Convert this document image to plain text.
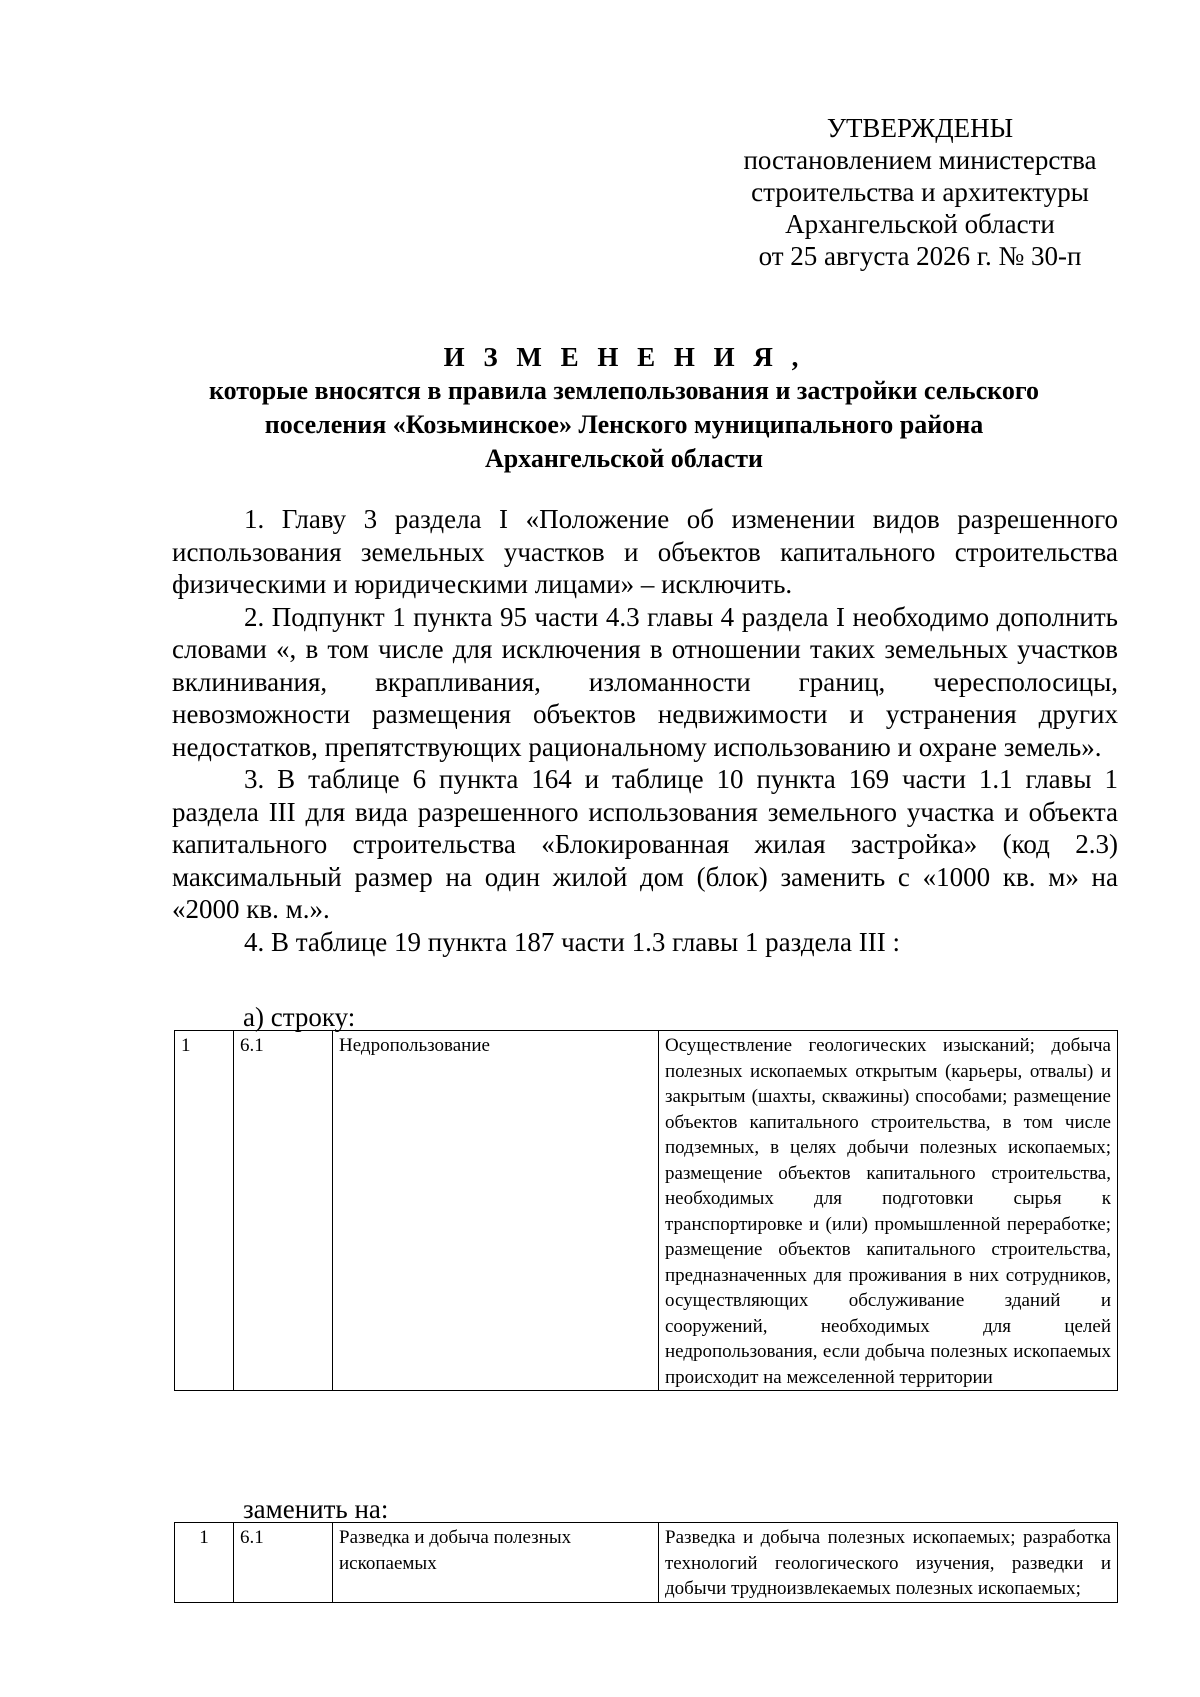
УТВЕРЖДЕНЫ
постановлением министерства
строительства и архитектуры
Архангельской области
от 25 августа 2026 г. № 30-п
И З М Е Н Е Н И Я ,
которые вносятся в правила землепользования и застройки сельского
поселения «Козьминское» Ленского муниципального района
Архангельской области

1. Главу 3 раздела I «Положение об изменении видов разрешенного использования земельных участков и объектов капитального строительства физическими и юридическими лицами» – исключить.

2. Подпункт 1 пункта 95 части 4.3 главы 4 раздела I необходимо дополнить словами «, в том числе для исключения в отношении таких земельных участков вклинивания, вкрапливания, изломанности границ, чересполосицы, невозможности размещения объектов недвижимости и устранения других недостатков, препятствующих рациональному использованию и охране земель».

3. В таблице 6 пункта 164 и таблице 10 пункта 169 части 1.1 главы 1 раздела III для вида разрешенного использования земельного участка и объекта капитального строительства «Блокированная жилая застройка» (код 2.3) максимальный размер на один жилой дом (блок) заменить с «1000 кв. м» на «2000 кв. м.».

4. В таблице 19 пункта 187 части 1.3 главы 1 раздела III :

а) строку:
1	6.1	Недропользование	Осуществление геологических изысканий; добыча полезных ископаемых открытым (карьеры, отвалы) и закрытым (шахты, скважины) способами; размещение объектов капитального строительства, в том числе подземных, в целях добычи полезных ископаемых; размещение объектов капитального строительства, необходимых для подготовки сырья к транспортировке и (или) промышленной переработке; размещение объектов капитального строительства, предназначенных для проживания в них сотрудников, осуществляющих обслуживание зданий и сооружений, необходимых для целей недропользования, если добыча полезных ископаемых происходит на межселенной территории
заменить на:
1	6.1	Разведка и добыча полезных ископаемых	Разведка и добыча полезных ископаемых; разработка технологий геологического изучения, разведки и добычи трудноизвлекаемых полезных ископаемых;
